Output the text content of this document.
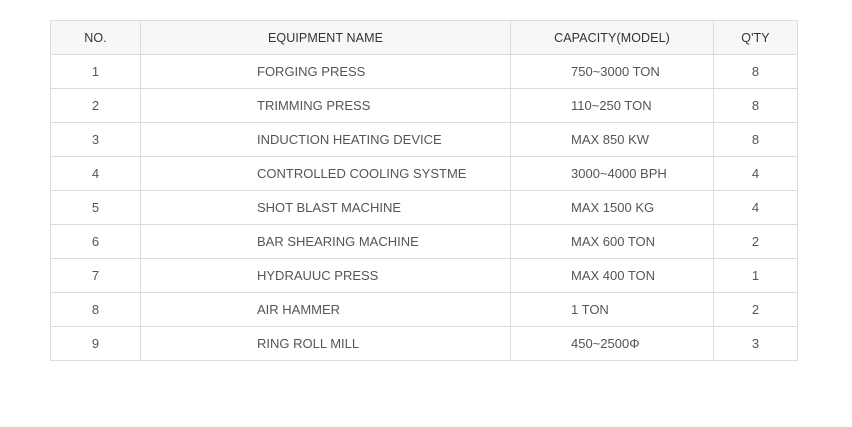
NO.	EQUIPMENT NAME	CAPACITY(MODEL)	Q'TY
1	FORGING PRESS	750~3000 TON	8
2	TRIMMING PRESS	110~250 TON	8
3	INDUCTION HEATING DEVICE	MAX 850 KW	8
4	CONTROLLED COOLING SYSTME	3000~4000 BPH	4
5	SHOT BLAST MACHINE	MAX 1500 KG	4
6	BAR SHEARING MACHINE	MAX 600 TON	2
7	HYDRAUUC PRESS	MAX 400 TON	1
8	AIR HAMMER	1 TON	2
9	RING ROLL MILL	450~2500Φ	3
